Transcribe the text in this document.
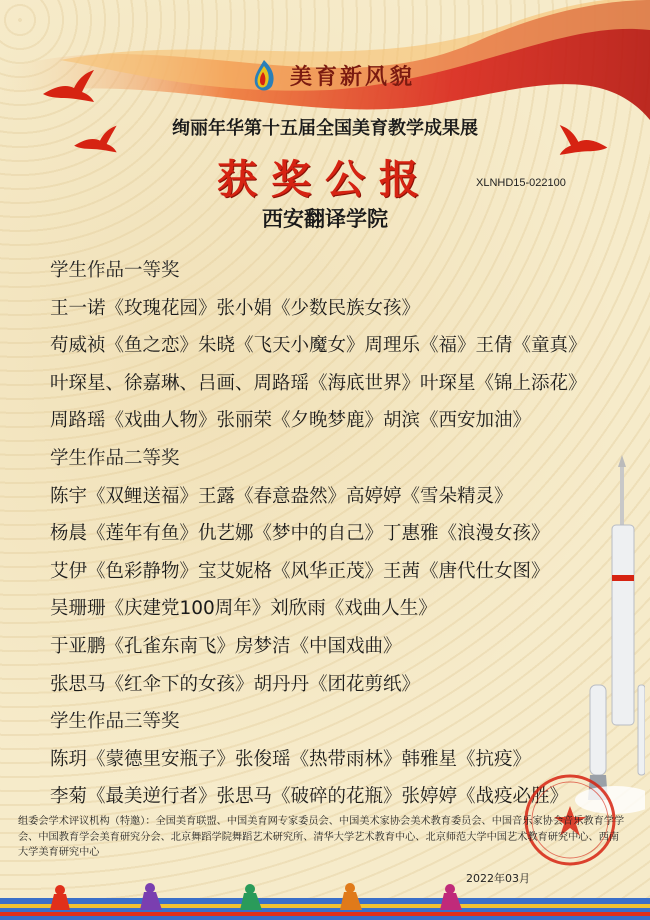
美育新风貌
绚丽年华第十五届全国美育教学成果展
获奖公报	XLNHD15-022100
西安翻译学院
学生作品一等奖
王一诺《玫瑰花园》张小娟《少数民族女孩》
苟威祯《鱼之恋》朱晓《飞天小魔女》周理乐《福》王倩《童真》
叶琛星、徐嘉琳、吕画、周路瑶《海底世界》叶琛星《锦上添花》
周路瑶《戏曲人物》张丽荣《夕晚梦鹿》胡滨《西安加油》
学生作品二等奖
陈宇《双鲤送福》王露《春意盎然》高婷婷《雪朵精灵》
杨晨《莲年有鱼》仇艺娜《梦中的自己》丁惠雅《浪漫女孩》
艾伊《色彩静物》宝艾妮格《风华正茂》王茜《唐代仕女图》
吴珊珊《庆建党100周年》刘欣雨《戏曲人生》
于亚鹏《孔雀东南飞》房梦洁《中国戏曲》
张思马《红伞下的女孩》胡丹丹《团花剪纸》
学生作品三等奖
陈玥《蒙德里安瓶子》张俊瑶《热带雨林》韩雅星《抗疫》
李菊《最美逆行者》张思马《破碎的花瓶》张婷婷《战疫必胜》
组委会学术评议机构（特邀）：全国美育联盟、中国美育网专家委员会、中国美术家协会美术教育委员会、中国音乐家协会音乐教育学学会、中国教育学会美育研究分会、北京舞蹈学院舞蹈艺术研究所、清华大学艺术教育中心、北京师范大学中国艺术教育研究中心、西南大学美育研究中心
2022年03月
